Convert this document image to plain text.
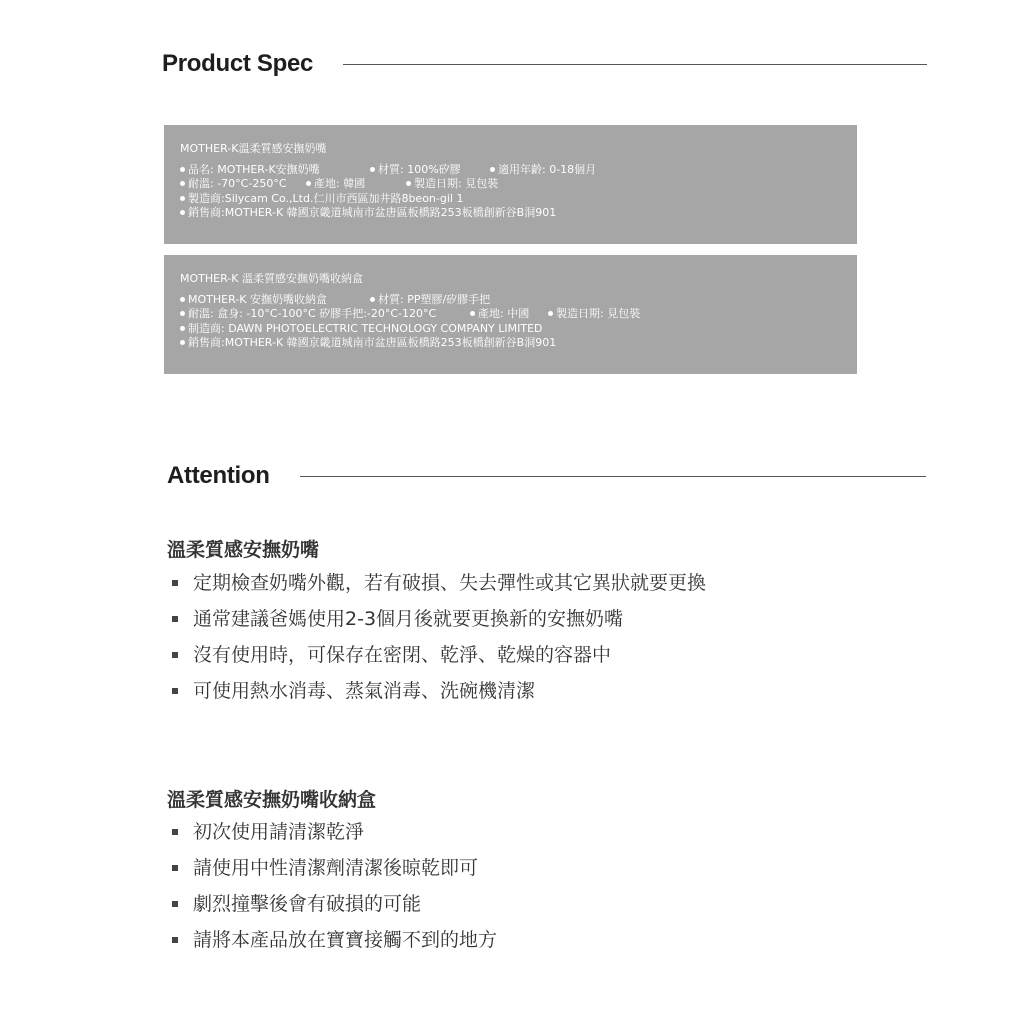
Product Spec
MOTHER-K溫柔質感安撫奶嘴
品名: MOTHER-K安撫奶嘴	材質: 100%矽膠	適用年齡: 0-18個月
耐溫: -70°C-250°C	產地: 韓國	製造日期: 見包裝
製造商:Silycam Co.,Ltd.仁川市西區加井路8beon-gil 1
銷售商:MOTHER-K 韓國京畿道城南市盆唐區板橋路253板橋創新谷B洞901
MOTHER-K 溫柔質感安撫奶嘴收納盒
MOTHER-K 安撫奶嘴收納盒	材質: PP塑膠/矽膠手把
耐溫: 盒身: -10°C-100°C 矽膠手把:-20°C-120°C	產地: 中國	製造日期: 見包裝
制造商: DAWN PHOTOELECTRIC TECHNOLOGY COMPANY LIMITED
銷售商:MOTHER-K 韓國京畿道城南市盆唐區板橋路253板橋創新谷B洞901
Attention
溫柔質感安撫奶嘴
定期檢查奶嘴外觀，若有破損、失去彈性或其它異狀就要更換
通常建議爸媽使用2-3個月後就要更換新的安撫奶嘴
沒有使用時，可保存在密閉、乾淨、乾燥的容器中
可使用熱水消毒、蒸氣消毒、洗碗機清潔
溫柔質感安撫奶嘴收納盒
初次使用請清潔乾淨
請使用中性清潔劑清潔後晾乾即可
劇烈撞擊後會有破損的可能
請將本產品放在寶寶接觸不到的地方
